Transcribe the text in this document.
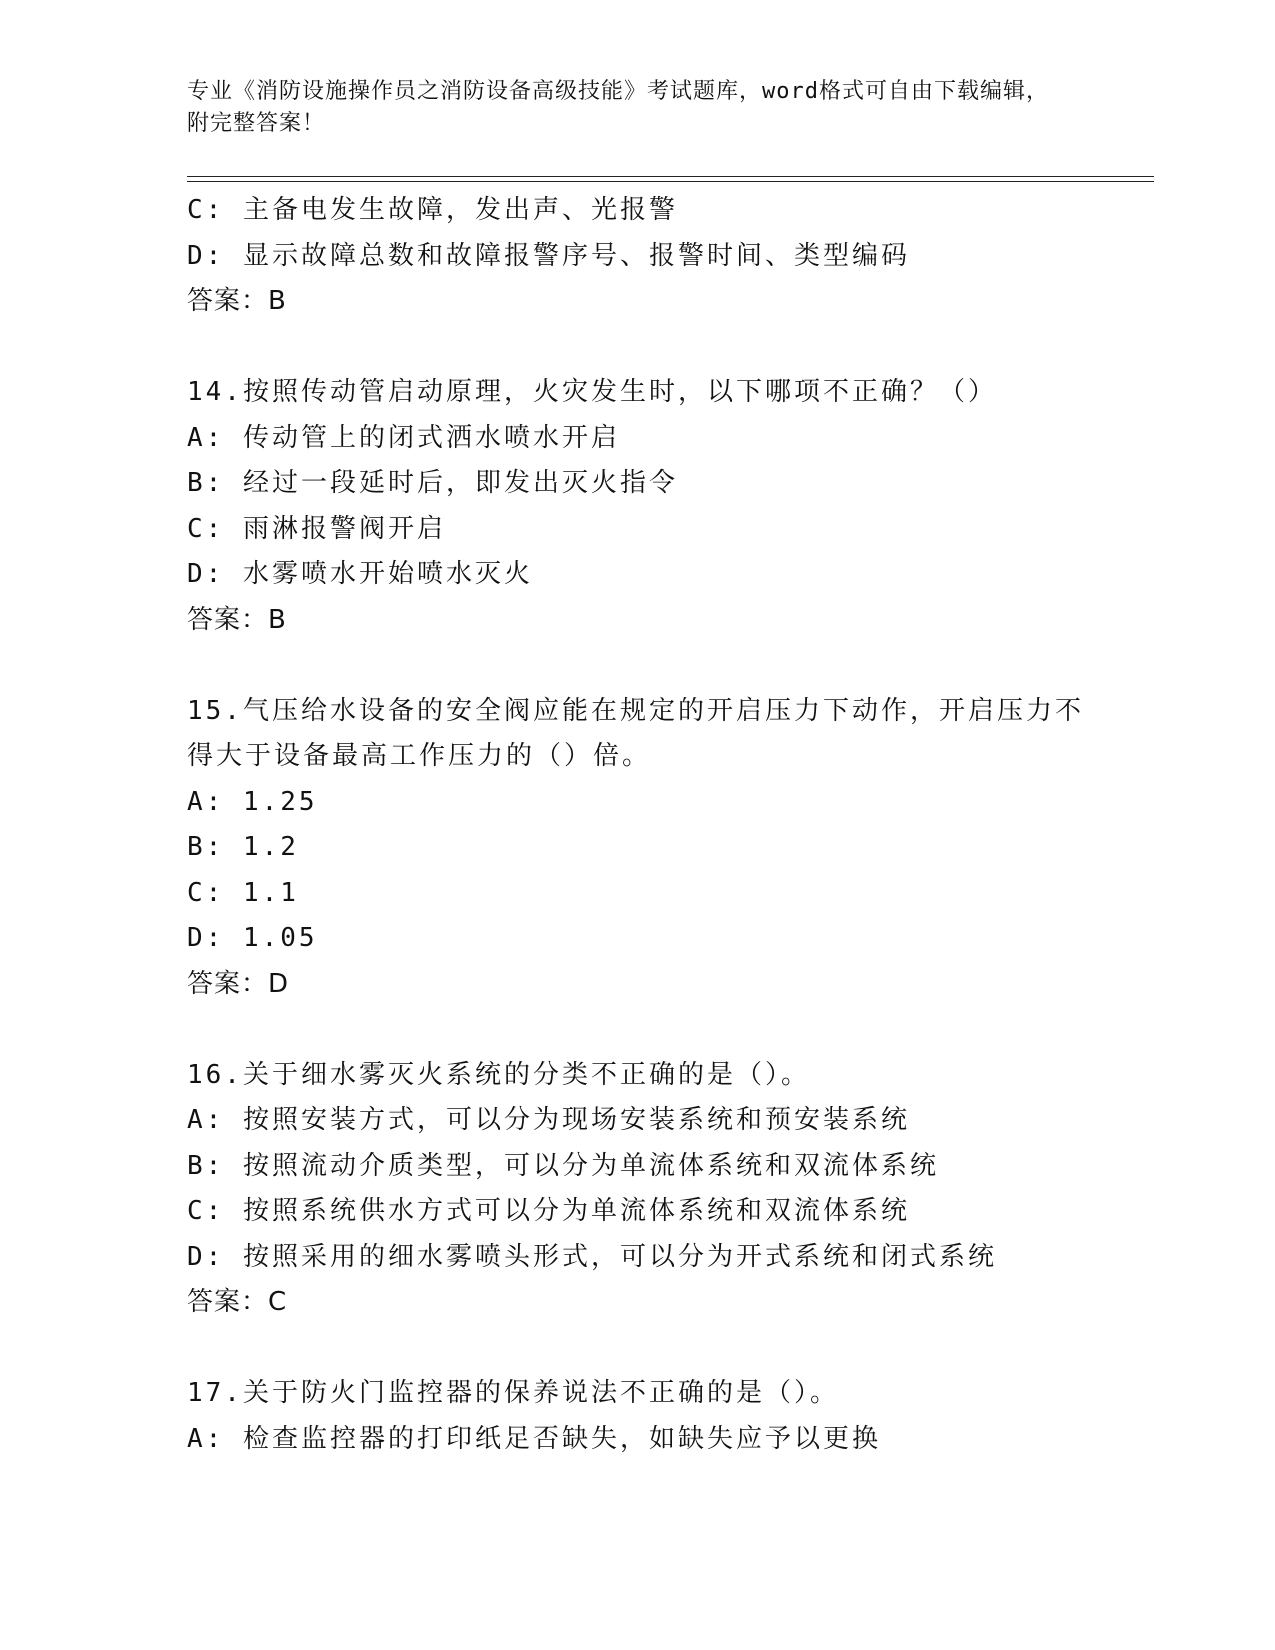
专业《消防设施操作员之消防设备高级技能》考试题库，word格式可自由下载编辑，附完整答案！
C: 主备电发生故障，发出声、光报警
D: 显示故障总数和故障报警序号、报警时间、类型编码
答案：B
14.按照传动管启动原理，火灾发生时，以下哪项不正确？（）
A: 传动管上的闭式洒水喷水开启
B: 经过一段延时后，即发出灭火指令
C: 雨淋报警阀开启
D: 水雾喷水开始喷水灭火
答案：B
15.气压给水设备的安全阀应能在规定的开启压力下动作，开启压力不
得大于设备最高工作压力的（）倍。
A: 1.25
B: 1.2
C: 1.1
D: 1.05
答案：D
16.关于细水雾灭火系统的分类不正确的是（）。
A: 按照安装方式，可以分为现场安装系统和预安装系统
B: 按照流动介质类型，可以分为单流体系统和双流体系统
C: 按照系统供水方式可以分为单流体系统和双流体系统
D: 按照采用的细水雾喷头形式，可以分为开式系统和闭式系统
答案：C
17.关于防火门监控器的保养说法不正确的是（）。
A: 检查监控器的打印纸足否缺失，如缺失应予以更换
